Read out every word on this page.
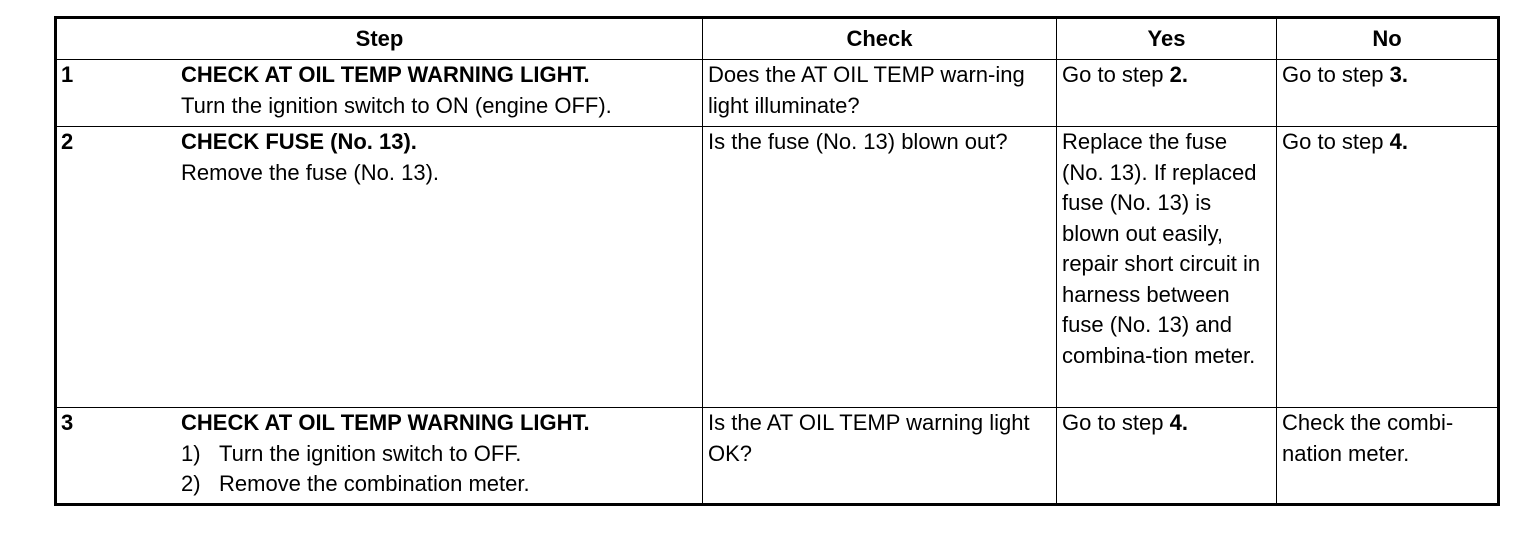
Step	Check	Yes	No

1 CHECK AT OIL TEMP WARNING LIGHT.
Turn the ignition switch to ON (engine OFF).	Does the AT OIL TEMP warn-ing light illuminate?	Go to step 2.	Go to step 3.

2 CHECK FUSE (No. 13).
Remove the fuse (No. 13).	Is the fuse (No. 13) blown out?	Replace the fuse (No. 13). If replaced fuse (No. 13) is blown out easily, repair short circuit in harness between fuse (No. 13) and combina-tion meter.	Go to step 4.

3 CHECK AT OIL TEMP WARNING LIGHT.
1) Turn the ignition switch to OFF.
2) Remove the combination meter.	Is the AT OIL TEMP warning light OK?	Go to step 4.	Check the combi-nation meter.
